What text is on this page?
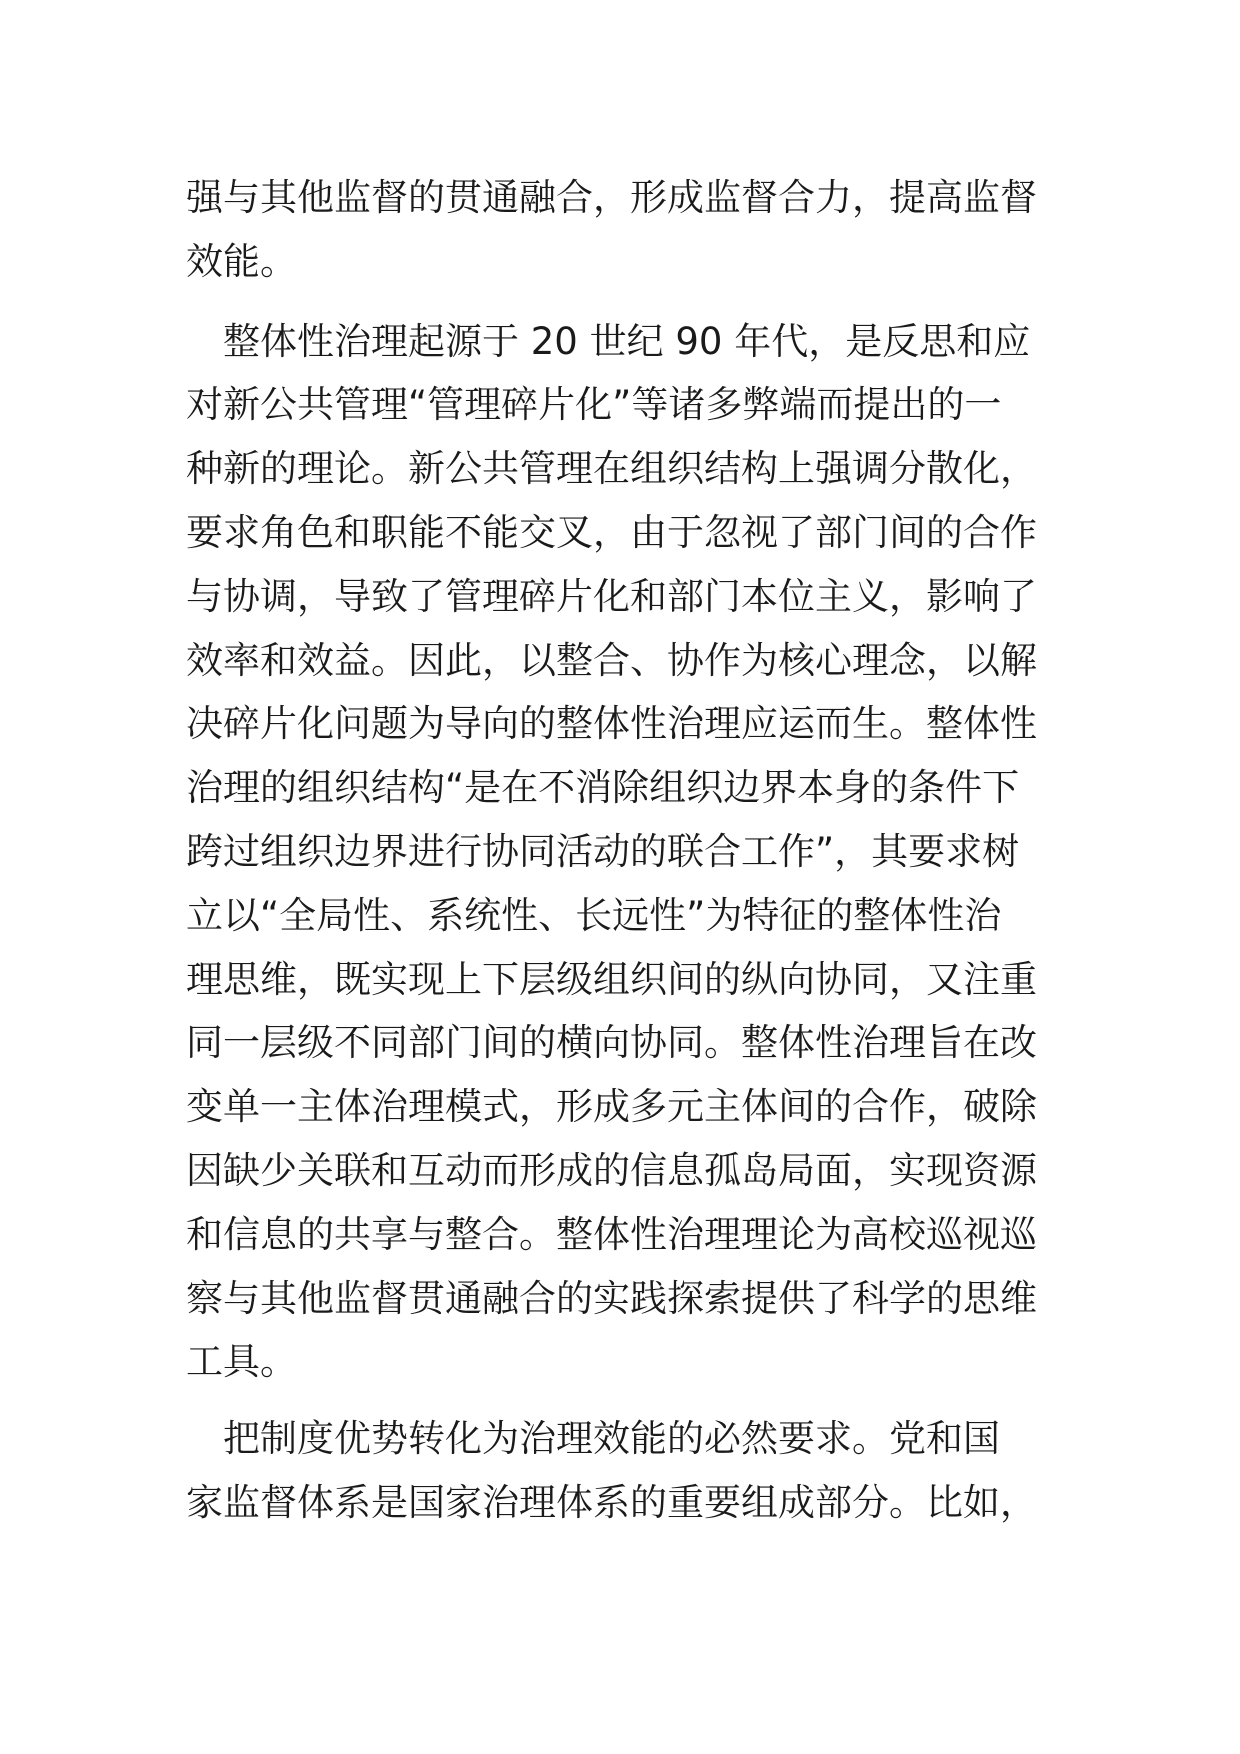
强与其他监督的贯通融合，形成监督合力，提高监督
效能。

　整体性治理起源于 20 世纪 90 年代，是反思和应
对新公共管理“管理碎片化”等诸多弊端而提出的一
种新的理论。新公共管理在组织结构上强调分散化，
要求角色和职能不能交叉，由于忽视了部门间的合作
与协调，导致了管理碎片化和部门本位主义，影响了
效率和效益。因此，以整合、协作为核心理念，以解
决碎片化问题为导向的整体性治理应运而生。整体性
治理的组织结构“是在不消除组织边界本身的条件下
跨过组织边界进行协同活动的联合工作”，其要求树
立以“全局性、系统性、长远性”为特征的整体性治
理思维，既实现上下层级组织间的纵向协同，又注重
同一层级不同部门间的横向协同。整体性治理旨在改
变单一主体治理模式，形成多元主体间的合作，破除
因缺少关联和互动而形成的信息孤岛局面，实现资源
和信息的共享与整合。整体性治理理论为高校巡视巡
察与其他监督贯通融合的实践探索提供了科学的思维
工具。

　把制度优势转化为治理效能的必然要求。党和国
家监督体系是国家治理体系的重要组成部分。比如，
